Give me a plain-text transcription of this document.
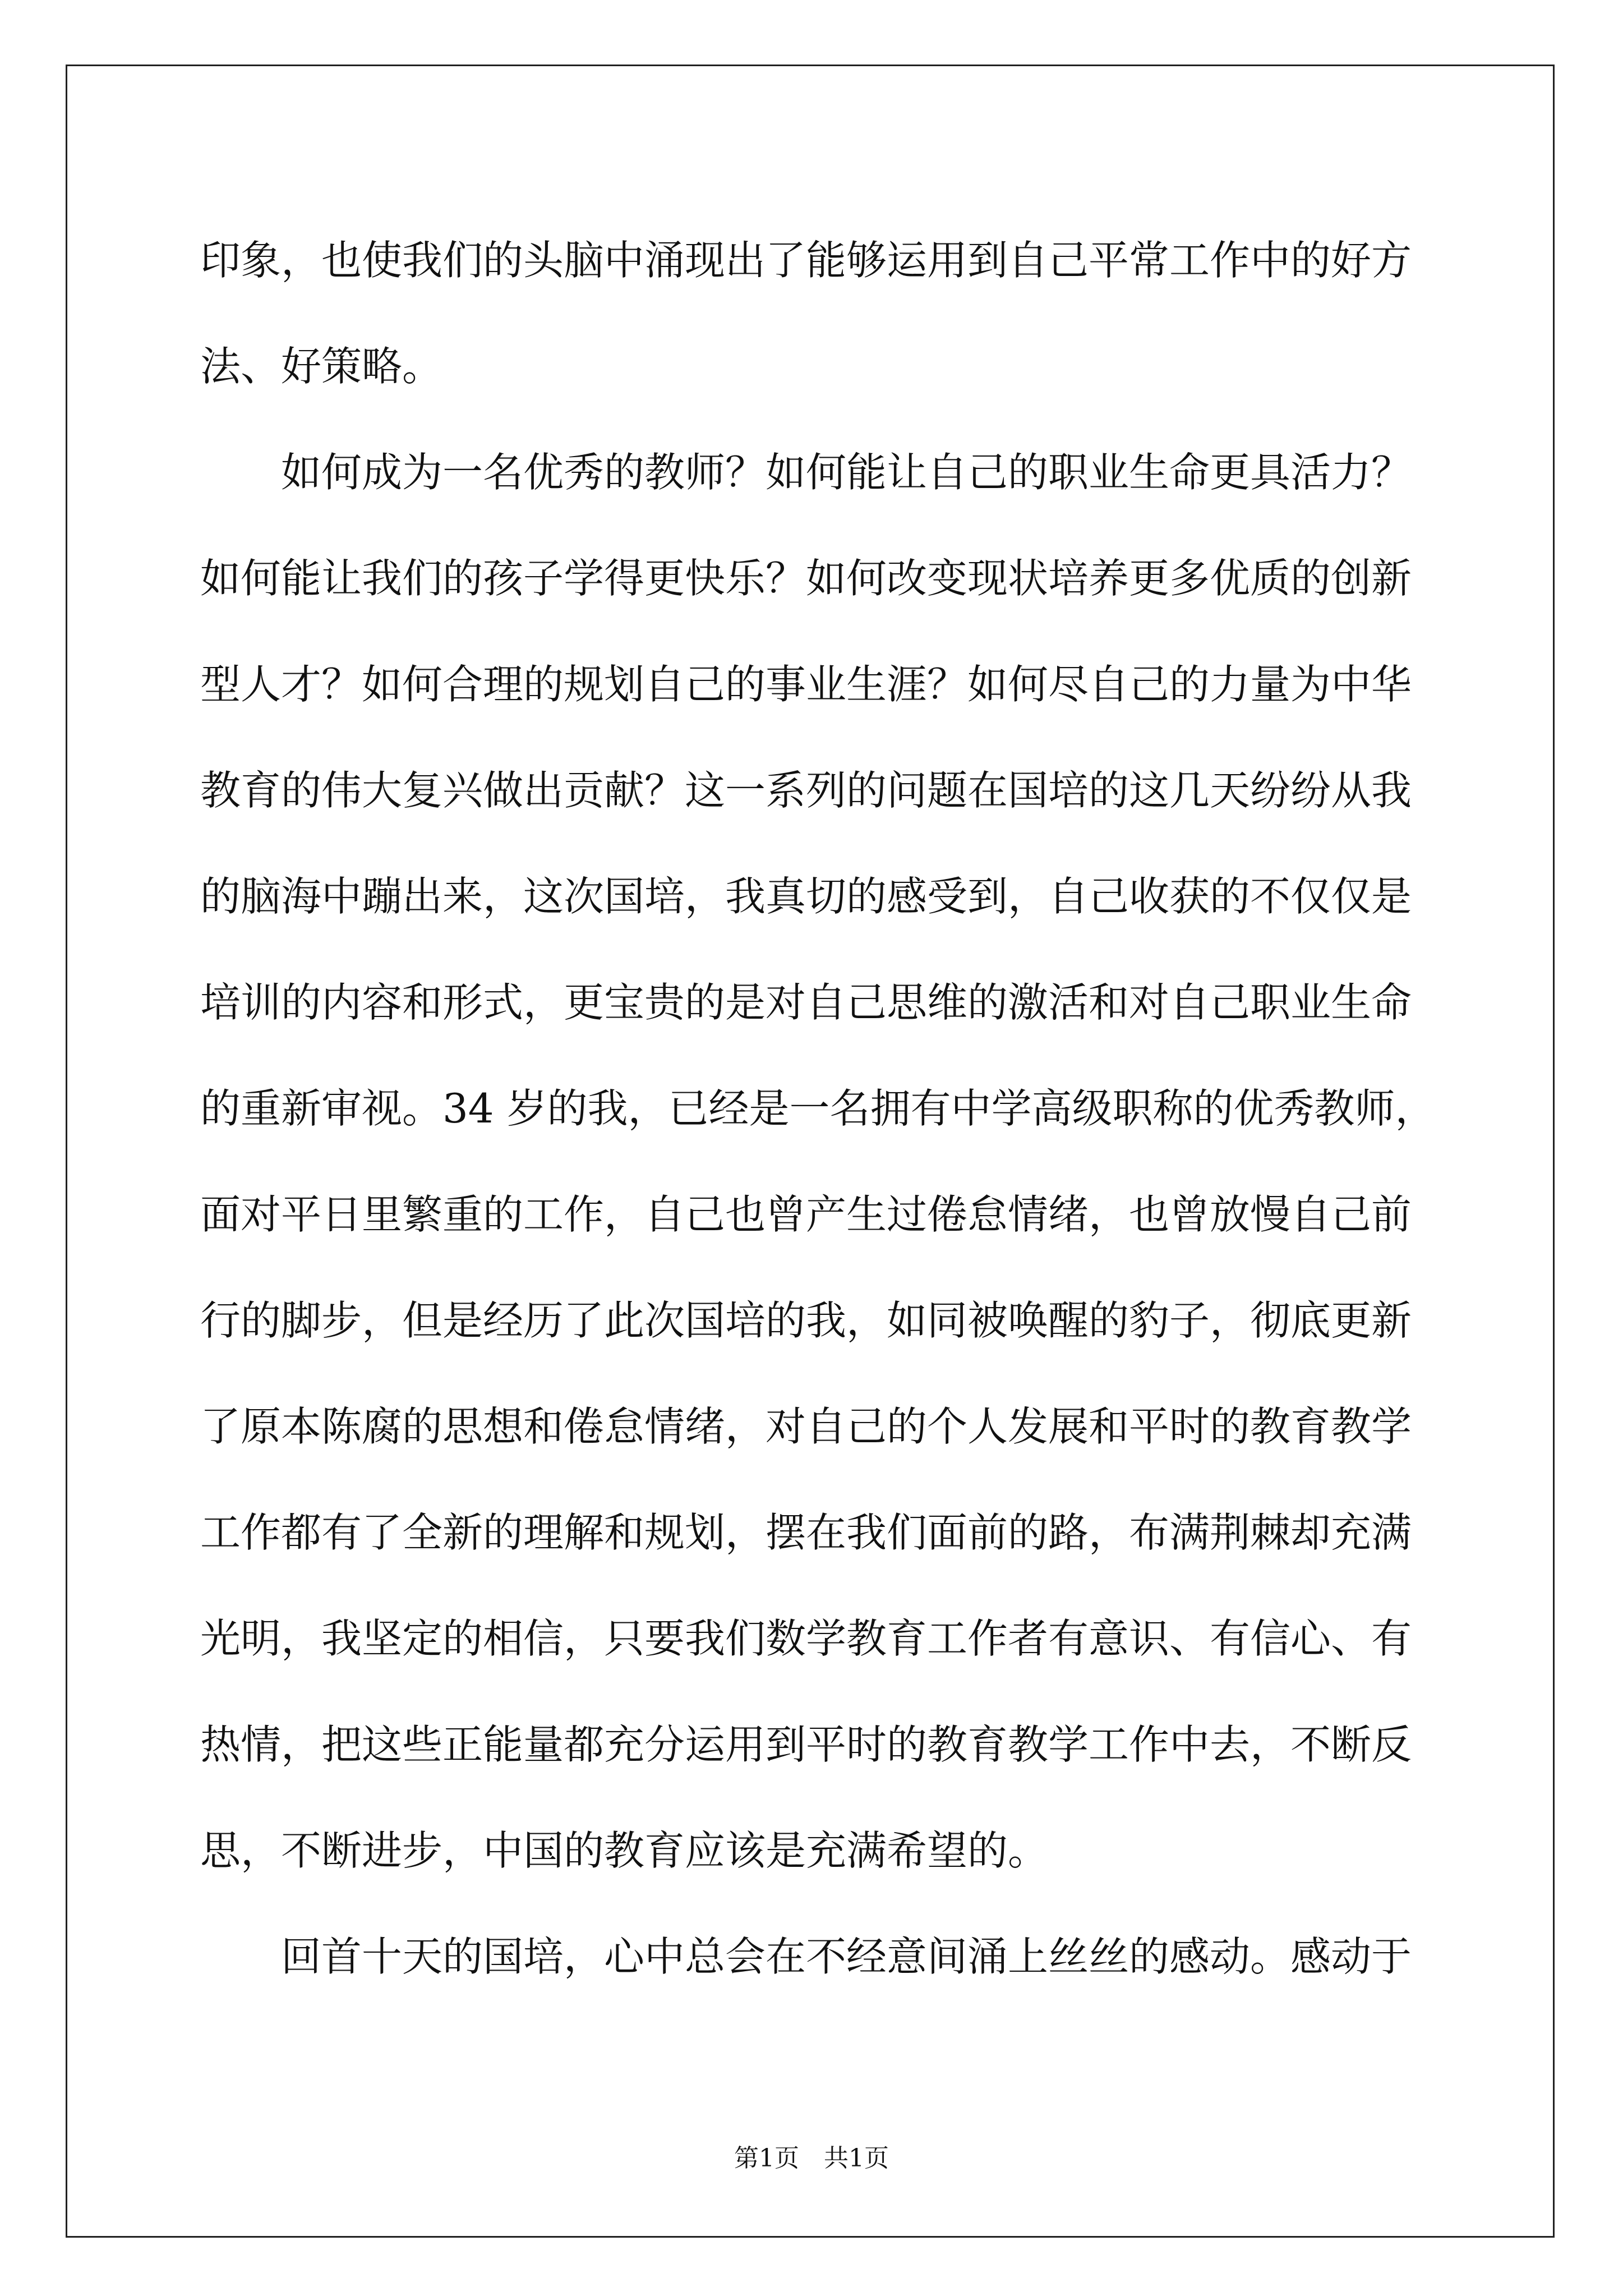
印象，也使我们的头脑中涌现出了能够运用到自己平常工作中的好方
法、好策略。
如何成为一名优秀的教师？如何能让自己的职业生命更具活力？
如何能让我们的孩子学得更快乐？如何改变现状培养更多优质的创新
型人才？如何合理的规划自己的事业生涯？如何尽自己的力量为中华
教育的伟大复兴做出贡献？这一系列的问题在国培的这几天纷纷从我
的脑海中蹦出来，这次国培，我真切的感受到，自己收获的不仅仅是
培训的内容和形式，更宝贵的是对自己思维的激活和对自己职业生命
的重新审视。34 岁的我，已经是一名拥有中学高级职称的优秀教师，
面对平日里繁重的工作，自己也曾产生过倦怠情绪，也曾放慢自己前
行的脚步，但是经历了此次国培的我，如同被唤醒的豹子，彻底更新
了原本陈腐的思想和倦怠情绪，对自己的个人发展和平时的教育教学
工作都有了全新的理解和规划，摆在我们面前的路，布满荆棘却充满
光明，我坚定的相信，只要我们数学教育工作者有意识、有信心、有
热情，把这些正能量都充分运用到平时的教育教学工作中去，不断反
思，不断进步，中国的教育应该是充满希望的。
回首十天的国培，心中总会在不经意间涌上丝丝的感动。感动于
第1页　共1页
